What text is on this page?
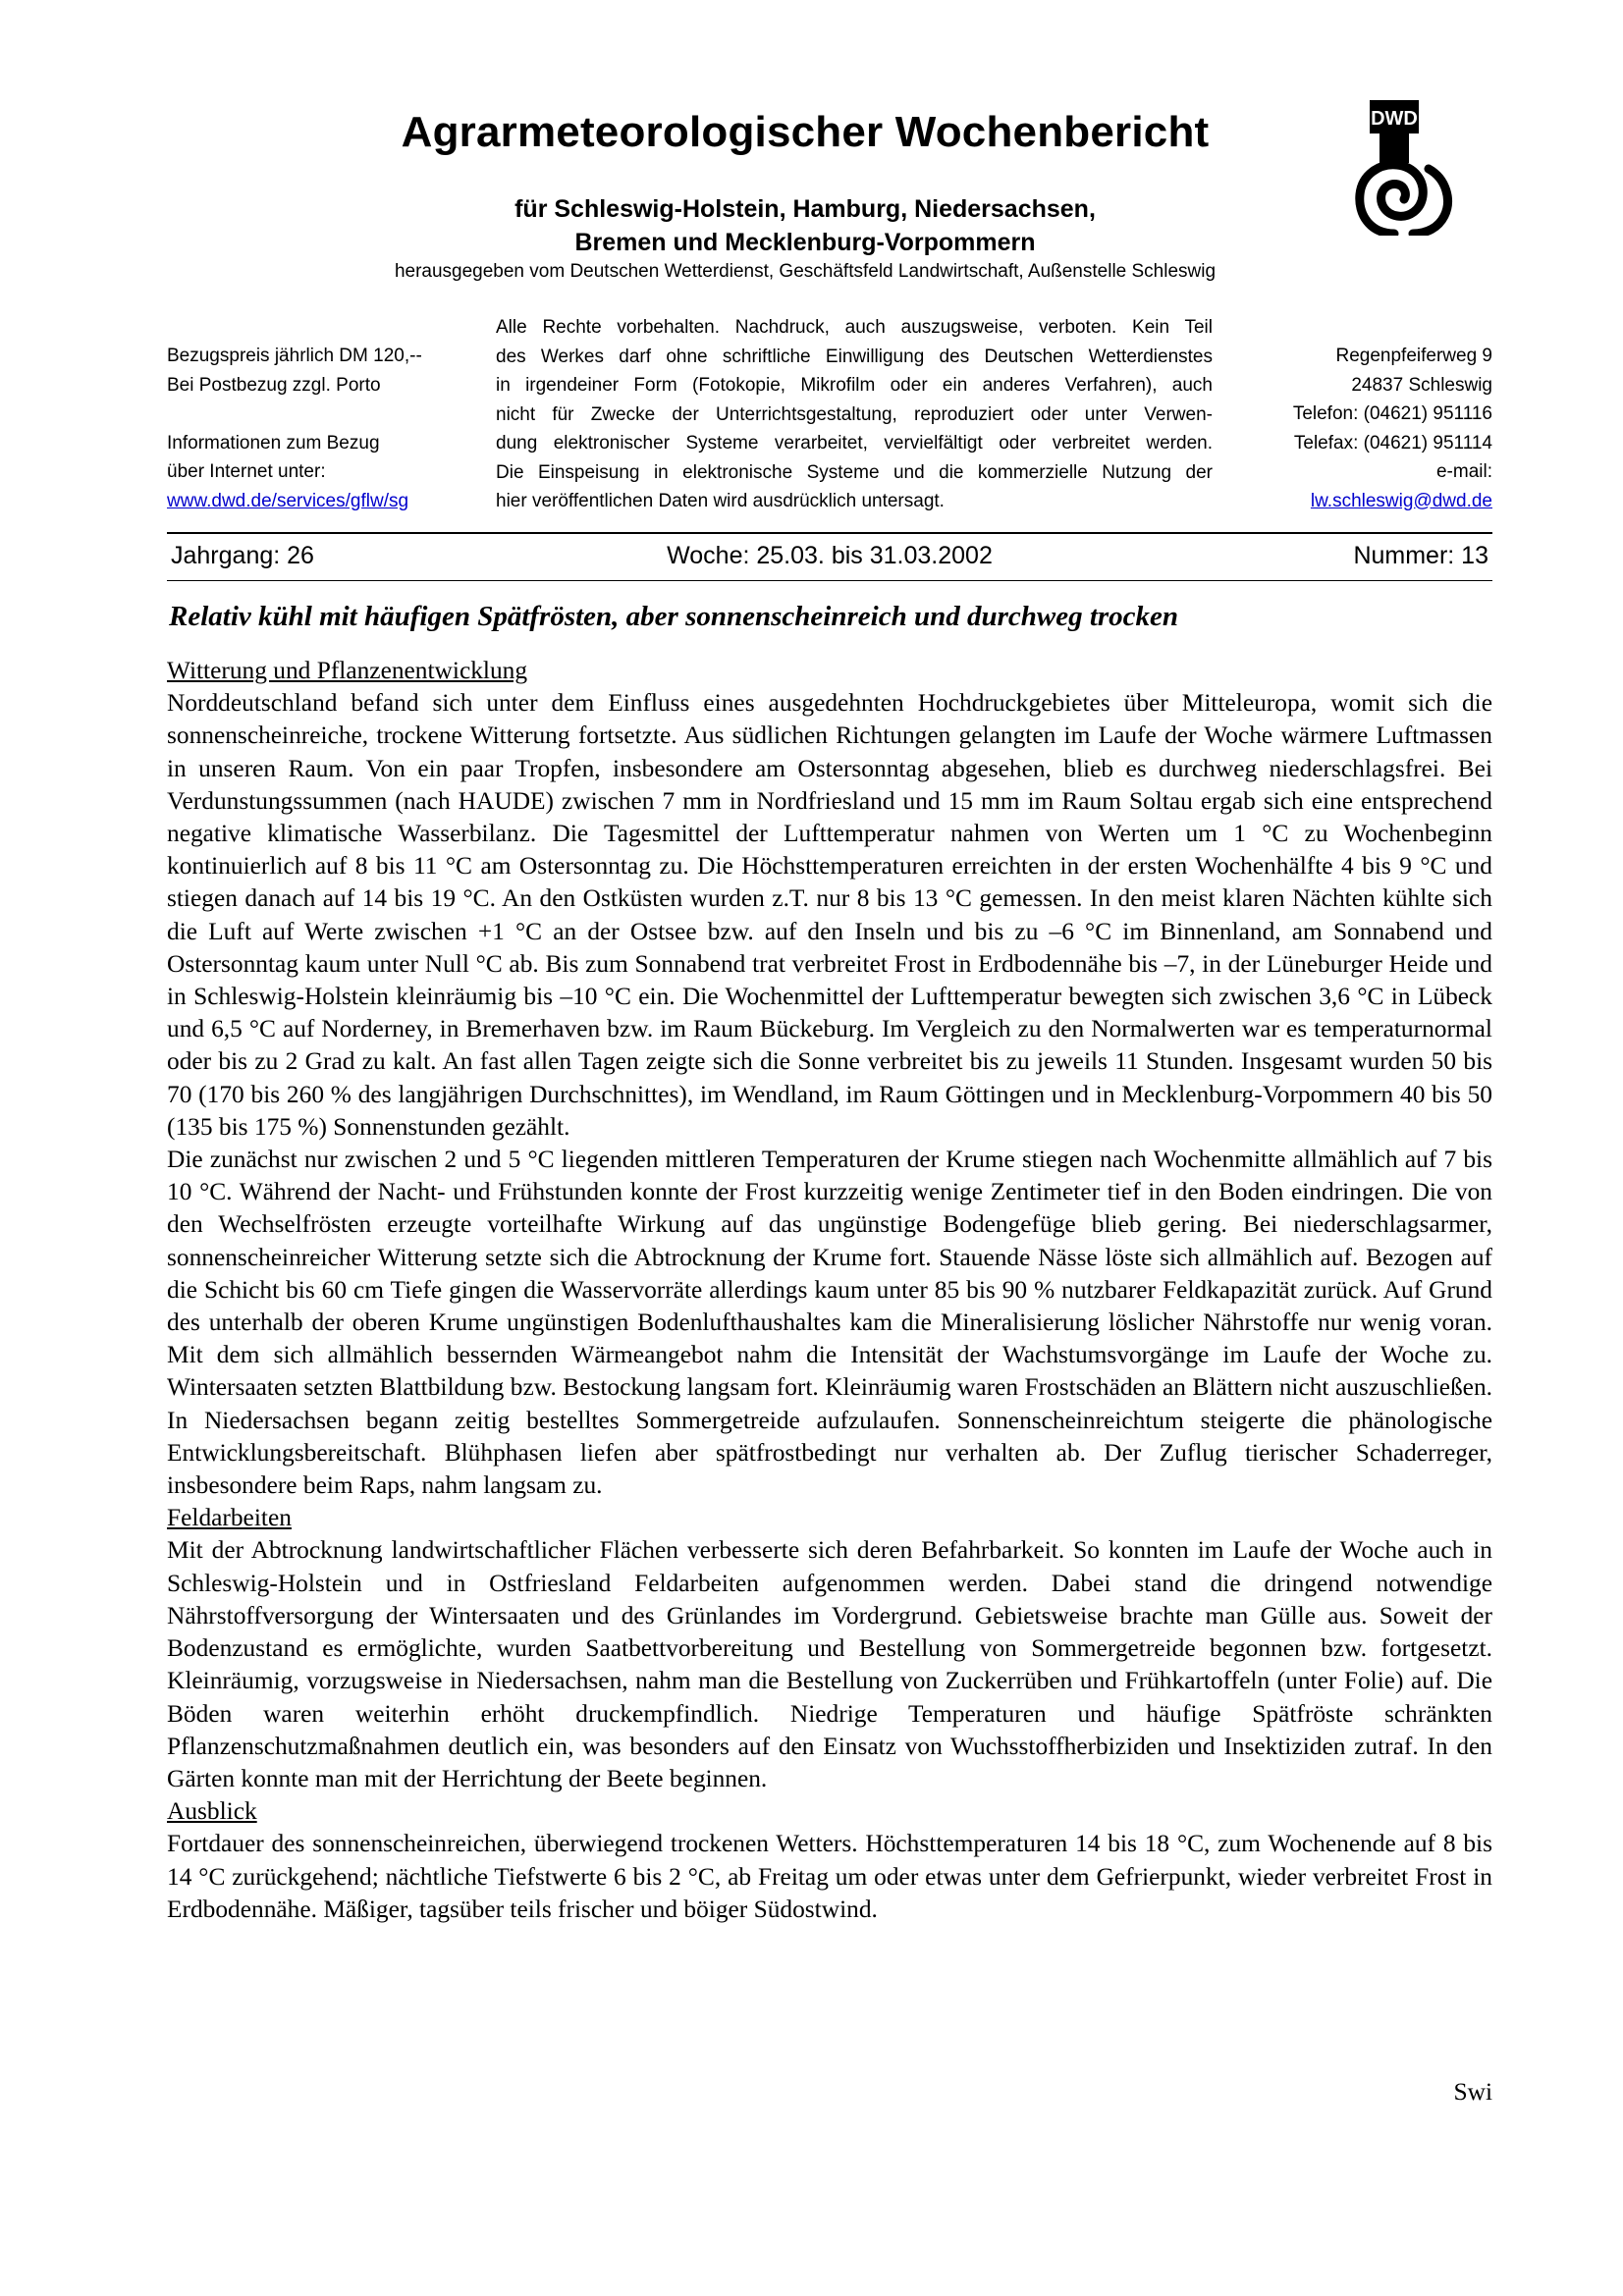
Agrarmeteorologischer Wochenbericht
für Schleswig-Holstein, Hamburg, Niedersachsen,
Bremen und Mecklenburg-Vorpommern
herausgegeben vom Deutschen Wetterdienst, Geschäftsfeld Landwirtschaft, Außenstelle Schleswig
DWD
Bezugspreis jährlich DM 120,--
Bei Postbezug zzgl. Porto

Informationen zum Bezug
über Internet unter:
www.dwd.de/services/gflw/sg
Alle Rechte vorbehalten. Nachdruck, auch auszugsweise, verboten. Kein Teil
des Werkes darf ohne schriftliche Einwilligung des Deutschen Wetterdienstes
in irgendeiner Form (Fotokopie, Mikrofilm oder ein anderes Verfahren), auch
nicht für Zwecke der Unterrichtsgestaltung, reproduziert oder unter Verwen-
dung elektronischer Systeme verarbeitet, vervielfältigt oder verbreitet werden.
Die Einspeisung in elektronische Systeme und die kommerzielle Nutzung der
hier veröffentlichen Daten wird ausdrücklich untersagt.
Regenpfeiferweg 9
24837 Schleswig
Telefon: (04621) 951116
Telefax: (04621) 951114
e-mail:
lw.schleswig@dwd.de
Woche: 25.03. bis 31.03.2002
Jahrgang: 26	Nummer: 13
Relativ kühl mit häufigen Spätfrösten, aber sonnenscheinreich und durchweg trocken
Witterung und Pflanzenentwicklung

Norddeutschland befand sich unter dem Einfluss eines ausgedehnten Hochdruckgebietes über Mitteleuropa, womit sich die sonnenscheinreiche, trockene Witterung fortsetzte. Aus südlichen Richtungen gelangten im Laufe der Woche wärmere Luftmassen in unseren Raum. Von ein paar Tropfen, insbesondere am Ostersonntag abgesehen, blieb es durchweg niederschlagsfrei. Bei Verdunstungssummen (nach HAUDE) zwischen 7 mm in Nordfriesland und 15 mm im Raum Soltau ergab sich eine entsprechend negative klimatische Wasserbilanz. Die Tagesmittel der Lufttemperatur nahmen von Werten um 1 °C zu Wochenbeginn kontinuierlich auf 8 bis 11 °C am Ostersonntag zu. Die Höchsttemperaturen erreichten in der ersten Wochenhälfte 4 bis 9 °C und stiegen danach auf 14 bis 19 °C. An den Ostküsten wurden z.T. nur 8 bis 13 °C gemessen. In den meist klaren Nächten kühlte sich die Luft auf Werte zwischen +1 °C an der Ostsee bzw. auf den Inseln und bis zu –6 °C im Binnenland, am Sonnabend und Ostersonntag kaum unter Null °C ab. Bis zum Sonnabend trat verbreitet Frost in Erdbodennähe bis –7, in der Lüneburger Heide und in Schleswig-Holstein kleinräumig bis –10 °C ein. Die Wochenmittel der Lufttemperatur bewegten sich zwischen 3,6 °C in Lübeck und 6,5 °C auf Norderney, in Bremerhaven bzw. im Raum Bückeburg. Im Vergleich zu den Normalwerten war es temperaturnormal oder bis zu 2 Grad zu kalt. An fast allen Tagen zeigte sich die Sonne verbreitet bis zu jeweils 11 Stunden. Insgesamt wurden 50 bis 70 (170 bis 260 % des langjährigen Durchschnittes), im Wendland, im Raum Göttingen und in Mecklenburg-Vorpommern 40 bis 50 (135 bis 175 %) Sonnenstunden gezählt.

Die zunächst nur zwischen 2 und 5 °C liegenden mittleren Temperaturen der Krume stiegen nach Wochenmitte allmählich auf 7 bis 10 °C. Während der Nacht- und Frühstunden konnte der Frost kurzzeitig wenige Zentimeter tief in den Boden eindringen. Die von den Wechselfrösten erzeugte vorteilhafte Wirkung auf das ungünstige Bodengefüge blieb gering. Bei niederschlagsarmer, sonnenscheinreicher Witterung setzte sich die Abtrocknung der Krume fort. Stauende Nässe löste sich allmählich auf. Bezogen auf die Schicht bis 60 cm Tiefe gingen die Wasservorräte allerdings kaum unter 85 bis 90 % nutzbarer Feldkapazität zurück. Auf Grund des unterhalb der oberen Krume ungünstigen Bodenlufthaushaltes kam die Mineralisierung löslicher Nährstoffe nur wenig voran. Mit dem sich allmählich bessernden Wärmeangebot nahm die Intensität der Wachstumsvorgänge im Laufe der Woche zu. Wintersaaten setzten Blattbildung bzw. Bestockung langsam fort. Kleinräumig waren Frostschäden an Blättern nicht auszuschließen. In Niedersachsen begann zeitig bestelltes Sommergetreide aufzulaufen. Sonnenscheinreichtum steigerte die phänologische Entwicklungsbereitschaft. Blühphasen liefen aber spätfrostbedingt nur verhalten ab. Der Zuflug tierischer Schaderreger, insbesondere beim Raps, nahm langsam zu.

Feldarbeiten

Mit der Abtrocknung landwirtschaftlicher Flächen verbesserte sich deren Befahrbarkeit. So konnten im Laufe der Woche auch in Schleswig-Holstein und in Ostfriesland Feldarbeiten aufgenommen werden. Dabei stand die dringend notwendige Nährstoffversorgung der Wintersaaten und des Grünlandes im Vordergrund. Gebietsweise brachte man Gülle aus. Soweit der Bodenzustand es ermöglichte, wurden Saatbettvorbereitung und Bestellung von Sommergetreide begonnen bzw. fortgesetzt. Kleinräumig, vorzugsweise in Niedersachsen, nahm man die Bestellung von Zuckerrüben und Frühkartoffeln (unter Folie) auf. Die Böden waren weiterhin erhöht druckempfindlich. Niedrige Temperaturen und häufige Spätfröste schränkten Pflanzenschutzmaßnahmen deutlich ein, was besonders auf den Einsatz von Wuchsstoffherbiziden und Insektiziden zutraf. In den Gärten konnte man mit der Herrichtung der Beete beginnen.

Ausblick

Fortdauer des sonnenscheinreichen, überwiegend trockenen Wetters. Höchsttemperaturen 14 bis 18 °C, zum Wochenende auf 8 bis 14 °C zurückgehend; nächtliche Tiefstwerte 6 bis 2 °C, ab Freitag um oder etwas unter dem Gefrierpunkt, wieder verbreitet Frost in Erdbodennähe. Mäßiger, tagsüber teils frischer und böiger Südostwind.

Swi
